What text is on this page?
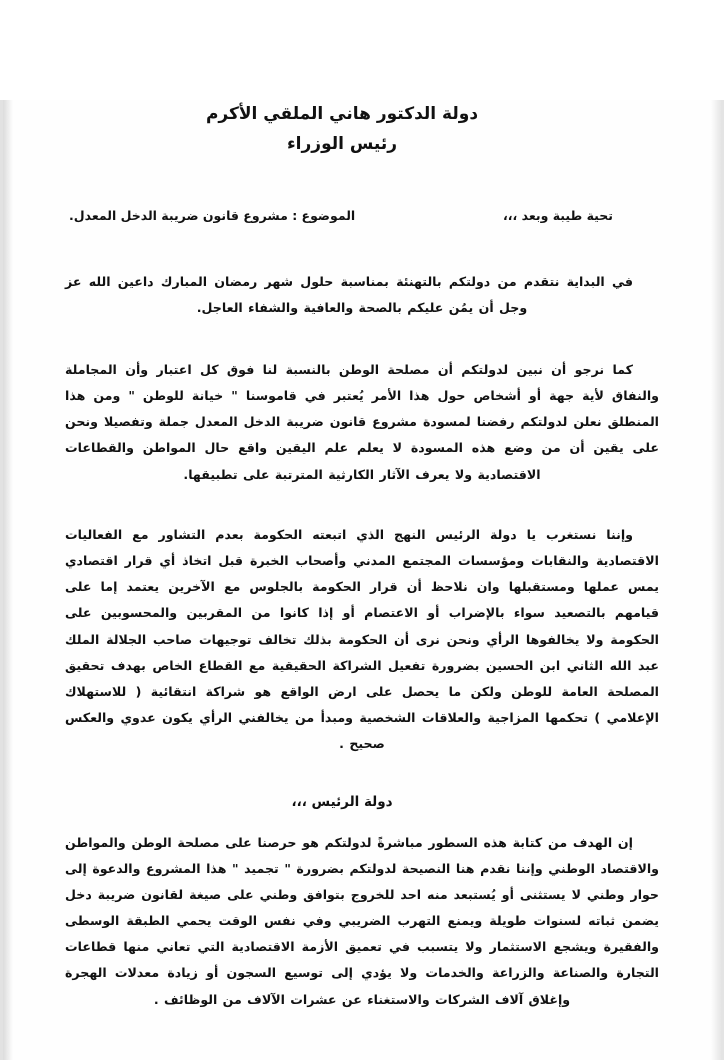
دولة الدكتور هاني الملقي الأكرم
رئيس الوزراء
تحية طيبة وبعد ،،،
الموضوع : مشروع قانون ضريبة الدخل المعدل.

في البداية نتقدم من دولتكم بالتهنئة بمناسبة حلول شهر رمضان المبارك داعين الله عز وجل أن يمُن عليكم بالصحة والعافية والشفاء العاجل.

كما نرجو أن نبين لدولتكم أن مصلحة الوطن بالنسبة لنا فوق كل اعتبار وأن المجاملة والنفاق لأية جهة أو أشخاص حول هذا الأمر يُعتبر في قاموسنا " خيانة للوطن " ومن هذا المنطلق نعلن لدولتكم رفضنا لمسودة مشروع قانون ضريبة الدخل المعدل جملة وتفصيلا ونحن على يقين أن من وضع هذه المسودة لا يعلم علم اليقين واقع حال المواطن والقطاعات الاقتصادية ولا يعرف الآثار الكارثية المترتبة على تطبيقها.

وإننا نستغرب يا دولة الرئيس النهج الذي اتبعته الحكومة بعدم التشاور مع الفعاليات الاقتصادية والنقابات ومؤسسات المجتمع المدني وأصحاب الخبرة قبل اتخاذ أي قرار اقتصادي يمس عملها ومستقبلها وان نلاحظ أن قرار الحكومة بالجلوس مع الآخرين يعتمد إما على قيامهم بالتصعيد سواء بالإضراب أو الاعتصام أو إذا كانوا من المقربين والمحسوبين على الحكومة ولا يخالفوها الرأي ونحن نرى أن الحكومة بذلك تخالف توجيهات صاحب الجلالة الملك عبد الله الثاني ابن الحسين بضرورة تفعيل الشراكة الحقيقية مع القطاع الخاص بهدف تحقيق المصلحة العامة للوطن ولكن ما يحصل على ارض الواقع هو شراكة انتقائية ( للاستهلاك الإعلامي ) تحكمها المزاجية والعلاقات الشخصية ومبدأ من يخالفني الرأي يكون عدوي والعكس صحيح .

دولة الرئيس ،،،

إن الهدف من كتابة هذه السطور مباشرةً لدولتكم هو حرصنا على مصلحة الوطن والمواطن والاقتصاد الوطني وإننا نقدم هنا النصيحة لدولتكم بضرورة " تجميد " هذا المشروع والدعوة إلى حوار وطني لا يستثنى أو يُستبعد منه احد للخروج بتوافق وطني على صيغة لقانون ضريبة دخل يضمن ثباته لسنوات طويلة ويمنع التهرب الضريبي وفي نفس الوقت يحمي الطبقة الوسطى والفقيرة ويشجع الاستثمار ولا يتسبب في تعميق الأزمة الاقتصادية التي تعاني منها قطاعات التجارة والصناعة والزراعة والخدمات ولا يؤدي إلى توسيع السجون أو زيادة معدلات الهجرة وإغلاق آلاف الشركات والاستغناء عن عشرات الآلاف من الوظائف .
